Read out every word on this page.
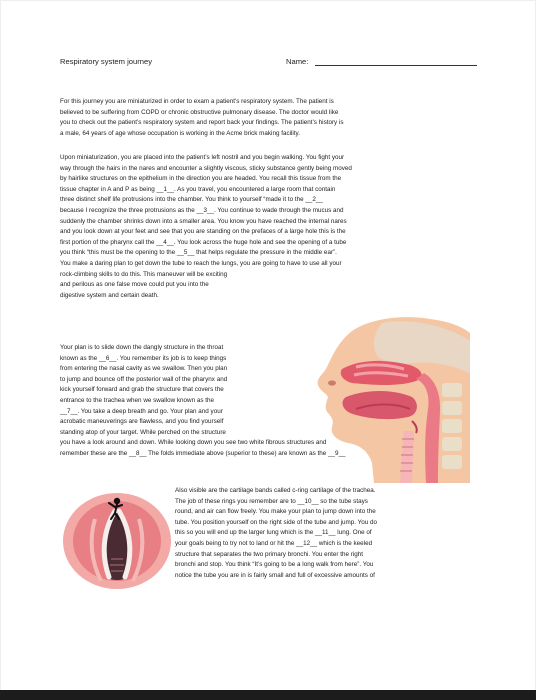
Respiratory system journey	Name:
For this journey you are miniaturized in order to exam a patient’s respiratory system. The patient is
believed to be suffering from COPD or chronic obstructive pulmonary disease. The doctor would like
you to check out the patient’s respiratory system and report back your findings. The patient’s history is
a male, 64 years of age whose occupation is working in the Acme brick making facility.
Upon miniaturization, you are placed into the patient’s left nostril and you begin walking. You fight your
way through the hairs in the nares and encounter a slightly viscous, sticky substance gently being moved
by hairlike structures on the epithelium in the direction you are headed. You recall this tissue from the
tissue chapter in A and P as being __1__. As you travel, you encountered a large room that contain
three distinct shelf life protrusions into the chamber. You think to yourself “made it to the __2__
because I recognize the three protrusions as the __3__. You continue to wade through the mucus and
suddenly the chamber shrinks down into a smaller area. You know you have reached the internal nares
and you look down at your feet and see that you are standing on the prefaces of a large hole this is the
first portion of the pharynx call the __4__. You look across the huge hole and see the opening of a tube
you think “this must be the opening to the __5__ that helps regulate the pressure in the middle ear”.
You make a daring plan to get down the tube to reach the lungs, you are going to have to use all your
rock-climbing skills to do this. This maneuver will be exciting
and perilous as one false move could put you into the
digestive system and certain death.
Your plan is to slide down the dangly structure in the throat
known as the __6__. You remember its job is to keep things
from entering the nasal cavity as we swallow. Then you plan
to jump and bounce off the posterior wall of the pharynx and
kick yourself forward and grab the structure that covers the
entrance to the trachea when we swallow known as the
__7__. You take a deep breath and go. Your plan and your
acrobatic maneuverings are flawless, and you find yourself
standing atop of your target. While perched on the structure
you have a look around and down. While looking down you see two white fibrous structures and
remember these are the __8__ The folds immediate above (superior to these) are known as the __9__
Also visible are the cartilage bands called c-ring cartilage of the trachea.
The job of these rings you remember are to __10__ so the tube stays
round, and air can flow freely. You make your plan to jump down into the
tube. You position yourself on the right side of the tube and jump. You do
this so you will end up the larger lung which is the __11__ lung. One of
your goals being to try not to land or hit the __12__ which is the keeled
structure that separates the two primary bronchi. You enter the right
bronchi and stop. You think “It’s going to be a long walk from here”. You
notice the tube you are in is fairly small and full of excessive amounts of
